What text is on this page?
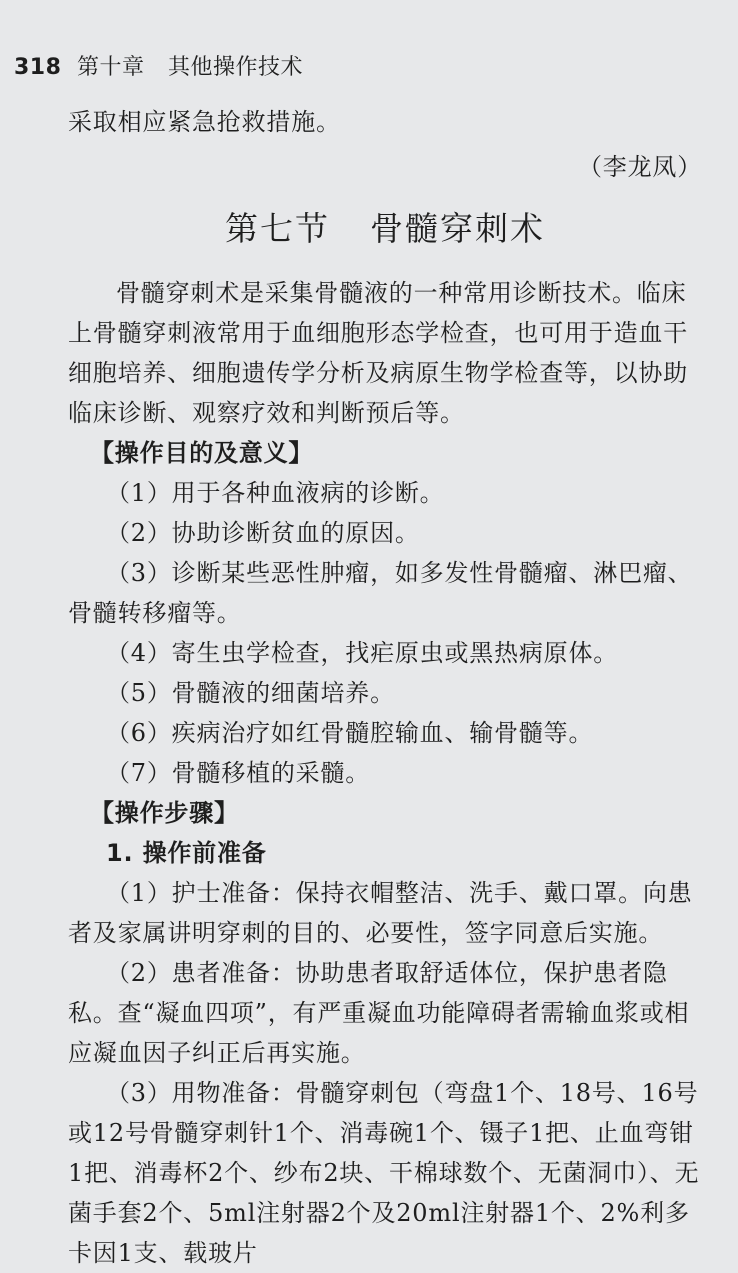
318 第十章 其他操作技术

采取相应紧急抢救措施。

（李龙凤）

第七节 骨髓穿刺术

骨髓穿刺术是采集骨髓液的一种常用诊断技术。临床上骨髓穿刺液常用于血细胞形态学检查，也可用于造血干细胞培养、细胞遗传学分析及病原生物学检查等，以协助临床诊断、观察疗效和判断预后等。

【操作目的及意义】

（1）用于各种血液病的诊断。

（2）协助诊断贫血的原因。

（3）诊断某些恶性肿瘤，如多发性骨髓瘤、淋巴瘤、骨髓转移瘤等。

（4）寄生虫学检查，找疟原虫或黑热病原体。

（5）骨髓液的细菌培养。

（6）疾病治疗如红骨髓腔输血、输骨髓等。

（7）骨髓移植的采髓。

【操作步骤】

1. 操作前准备

（1）护士准备：保持衣帽整洁、洗手、戴口罩。向患者及家属讲明穿刺的目的、必要性，签字同意后实施。

（2）患者准备：协助患者取舒适体位，保护患者隐私。查“凝血四项”，有严重凝血功能障碍者需输血浆或相应凝血因子纠正后再实施。

（3）用物准备：骨髓穿刺包（弯盘1个、18号、16号或12号骨髓穿刺针1个、消毒碗1个、镊子1把、止血弯钳1把、消毒杯2个、纱布2块、干棉球数个、无菌洞巾）、无菌手套2个、5ml注射器2个及20ml注射器1个、2%利多卡因1支、载玻片
